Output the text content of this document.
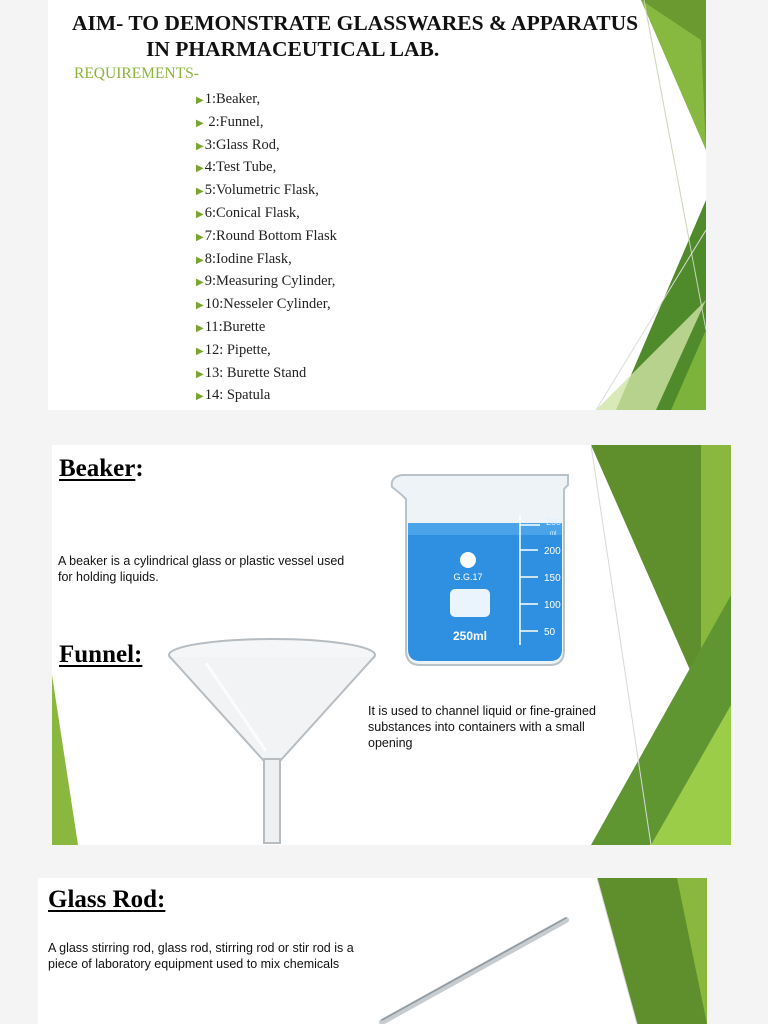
AIM- TO DEMONSTRATE GLASSWARES & APPARATUS
IN PHARMACEUTICAL LAB.
REQUIREMENTS-
▶1:Beaker,
▶ 2:Funnel,
▶3:Glass Rod,
▶4:Test Tube,
▶5:Volumetric Flask,
▶6:Conical Flask,
▶7:Round Bottom Flask
▶8:Iodine Flask,
▶9:Measuring Cylinder,
▶10:Nesseler Cylinder,
▶11:Burette
▶12: Pipette,
▶13: Burette Stand
▶14: Spatula
Beaker:
A beaker is a cylindrical glass or plastic vessel used for holding liquids.	G.G.17
250ml
250
ml
200
150
100
50
Funnel:
It is used to channel liquid or fine-grained substances into containers with a small opening
Glass Rod:
A glass stirring rod, glass rod, stirring rod or stir rod is a piece of laboratory equipment used to mix chemicals
